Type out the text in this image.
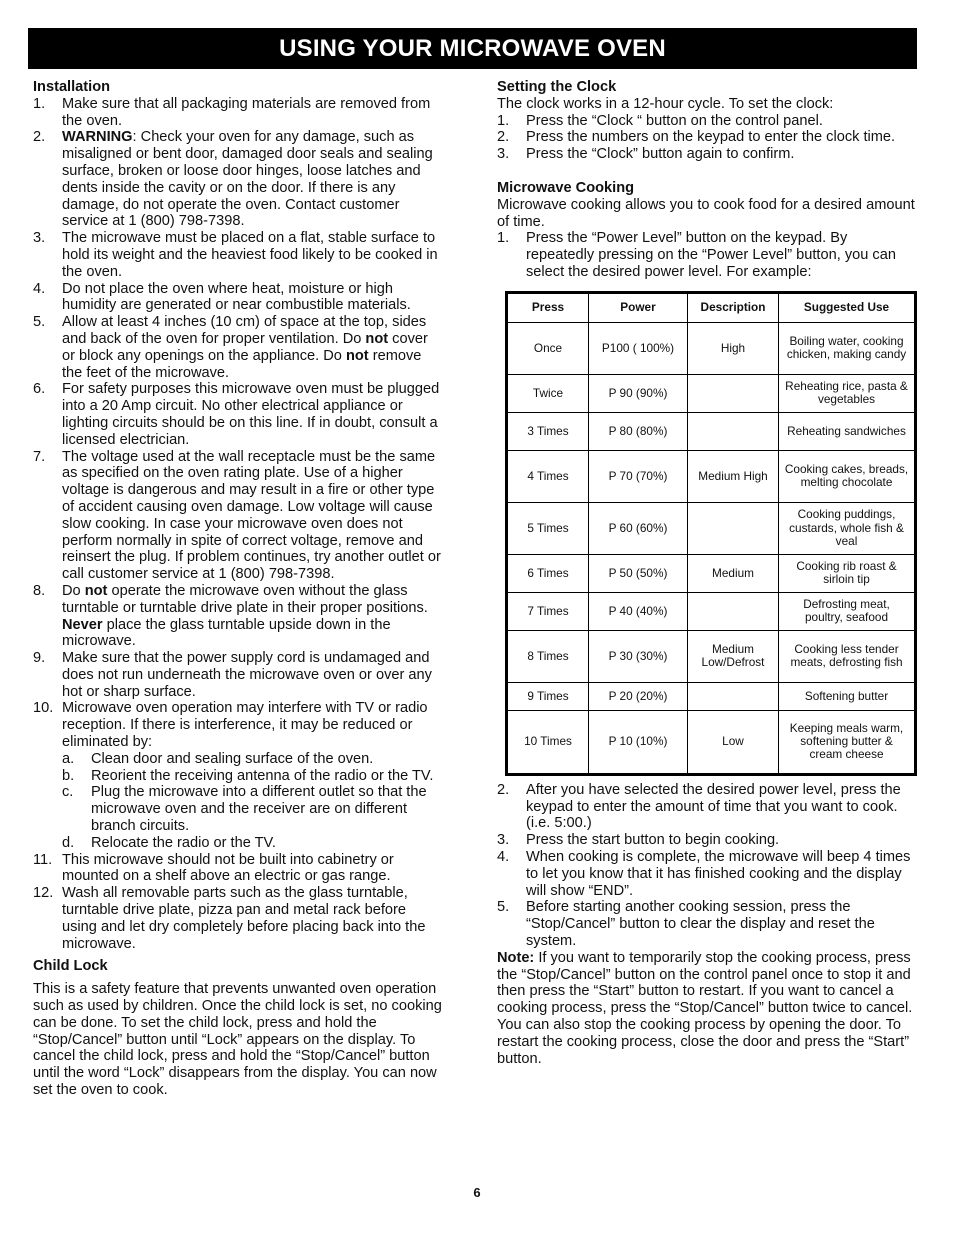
USING YOUR MICROWAVE OVEN
Installation
1. Make sure that all packaging materials are removed from the oven.
2. WARNING: Check your oven for any damage, such as misaligned or bent door, damaged door seals and sealing surface, broken or loose door hinges, loose latches and dents inside the cavity or on the door. If there is any damage, do not operate the oven. Contact customer service at 1 (800) 798-7398.
3. The microwave must be placed on a flat, stable surface to hold its weight and the heaviest food likely to be cooked in the oven.
4. Do not place the oven where heat, moisture or high humidity are generated or near combustible materials.
5. Allow at least 4 inches (10 cm) of space at the top, sides and back of the oven for proper ventilation. Do not cover or block any openings on the appliance. Do not remove the feet of the microwave.
6. For safety purposes this microwave oven must be plugged into a 20 Amp circuit. No other electrical appliance or lighting circuits should be on this line. If in doubt, consult a licensed electrician.
7. The voltage used at the wall receptacle must be the same as specified on the oven rating plate. Use of a higher voltage is dangerous and may result in a fire or other type of accident causing oven damage. Low voltage will cause slow cooking. In case your microwave oven does not perform normally in spite of correct voltage, remove and reinsert the plug. If problem continues, try another outlet or call customer service at 1 (800) 798-7398.
8. Do not operate the microwave oven without the glass turntable or turntable drive plate in their proper positions. Never place the glass turntable upside down in the microwave.
9. Make sure that the power supply cord is undamaged and does not run underneath the microwave oven or over any hot or sharp surface.
10. Microwave oven operation may interfere with TV or radio reception. If there is interference, it may be reduced or eliminated by:
a. Clean door and sealing surface of the oven.
b. Reorient the receiving antenna of the radio or the TV.
c. Plug the microwave into a different outlet so that the microwave oven and the receiver are on different branch circuits.
d. Relocate the radio or the TV.
11. This microwave should not be built into cabinetry or mounted on a shelf above an electric or gas range.
12. Wash all removable parts such as the glass turntable, turntable drive plate, pizza pan and metal rack before using and let dry completely before placing back into the microwave.
Child Lock

This is a safety feature that prevents unwanted oven operation such as used by children. Once the child lock is set, no cooking can be done. To set the child lock, press and hold the “Stop/Cancel” button until “Lock” appears on the display. To cancel the child lock, press and hold the “Stop/Cancel” button until the word “Lock” disappears from the display. You can now set the oven to cook.

Setting the Clock

The clock works in a 12-hour cycle. To set the clock:

1. Press the “Clock “ button on the control panel.
2. Press the numbers on the keypad to enter the clock time.
3. Press the “Clock” button again to confirm.
Microwave Cooking

Microwave cooking allows you to cook food for a desired amount of time.

1. Press the “Power Level” button on the keypad. By repeatedly pressing on the “Power Level” button, you can select the desired power level. For example:
Press	Power	Description	Suggested Use
Once	P100 ( 100%)	High	Boiling water, cooking chicken, making candy
Twice	P 90 (90%)		Reheating rice, pasta & vegetables
3 Times	P 80 (80%)		Reheating sandwiches
4 Times	P 70 (70%)	Medium High	Cooking cakes, breads, melting chocolate
5 Times	P 60 (60%)		Cooking puddings, custards, whole fish & veal
6 Times	P 50 (50%)	Medium	Cooking rib roast & sirloin tip
7 Times	P 40 (40%)		Defrosting meat, poultry, seafood
8 Times	P 30 (30%)	Medium Low/Defrost	Cooking less tender meats, defrosting fish
9 Times	P 20 (20%)		Softening butter
10 Times	P 10 (10%)	Low	Keeping meals warm, softening butter & cream cheese
2. After you have selected the desired power level, press the keypad to enter the amount of time that you want to cook. (i.e. 5:00.)
3. Press the start button to begin cooking.
4. When cooking is complete, the microwave will beep 4 times to let you know that it has finished cooking and the display will show “END”.
5. Before starting another cooking session, press the “Stop/Cancel” button to clear the display and reset the system.

Note: If you want to temporarily stop the cooking process, press the “Stop/Cancel” button on the control panel once to stop it and then press the “Start” button to restart. If you want to cancel a cooking process, press the “Stop/Cancel” button twice to cancel. You can also stop the cooking process by opening the door. To restart the cooking process, close the door and press the “Start” button.

6
